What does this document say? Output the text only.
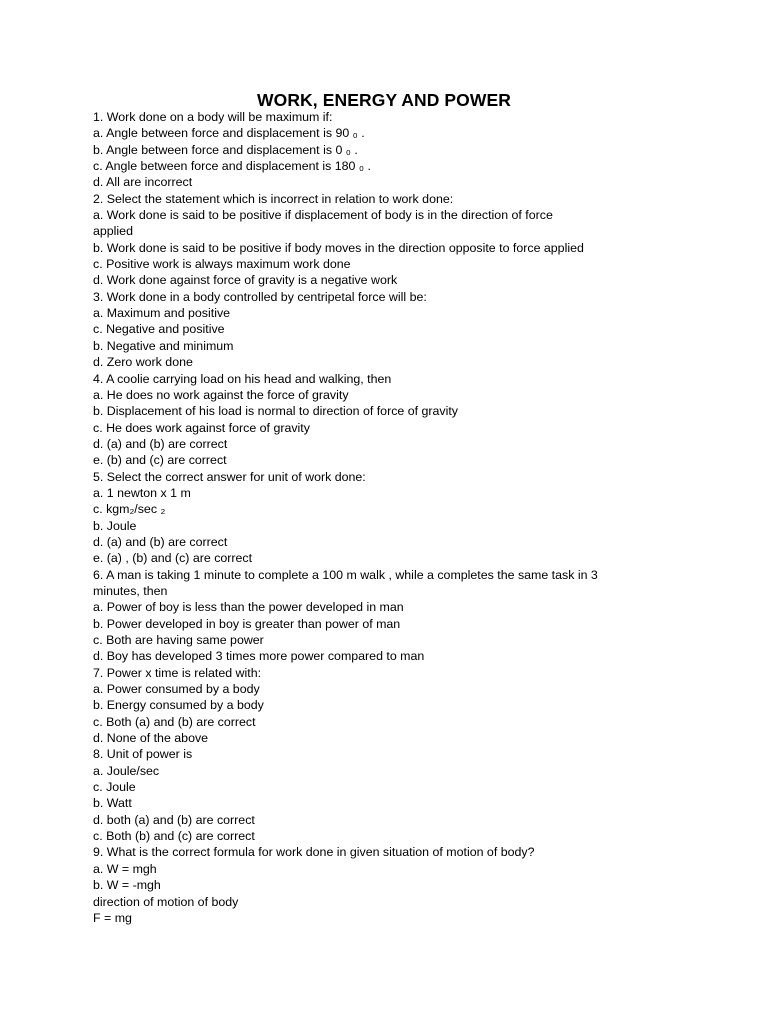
WORK, ENERGY AND POWER
1. Work done on a body will be maximum if:
a. Angle between force and displacement is 90 ₀ .
b. Angle between force and displacement is 0 ₀ .
c. Angle between force and displacement is 180 ₀ .
d. All are incorrect
2. Select the statement which is incorrect in relation to work done:
a. Work done is said to be positive if displacement of body is in the direction of force
applied
b. Work done is said to be positive if body moves in the direction opposite to force applied
c. Positive work is always maximum work done
d. Work done against force of gravity is a negative work
3. Work done in a body controlled by centripetal force will be:
a. Maximum and positive
c. Negative and positive
b. Negative and minimum
d. Zero work done
4. A coolie carrying load on his head and walking, then
a. He does no work against the force of gravity
b. Displacement of his load is normal to direction of force of gravity
c. He does work against force of gravity
d. (a) and (b) are correct
e. (b) and (c) are correct
5. Select the correct answer for unit of work done:
a. 1 newton x 1 m
c. kgm₂/sec ₂
b. Joule
d. (a) and (b) are correct
e. (a) , (b) and (c) are correct
6. A man is taking 1 minute to complete a 100 m walk , while a completes the same task in 3
minutes, then
a. Power of boy is less than the power developed in man
b. Power developed in boy is greater than power of man
c. Both are having same power
d. Boy has developed 3 times more power compared to man
7. Power x time is related with:
a. Power consumed by a body
b. Energy consumed by a body
c. Both (a) and (b) are correct
d. None of the above
8. Unit of power is
a. Joule/sec
c. Joule
b. Watt
d. both (a) and (b) are correct
c. Both (b) and (c) are correct
9. What is the correct formula for work done in given situation of motion of body?
a. W = mgh
b. W = -mgh
direction of motion of body
F = mg
